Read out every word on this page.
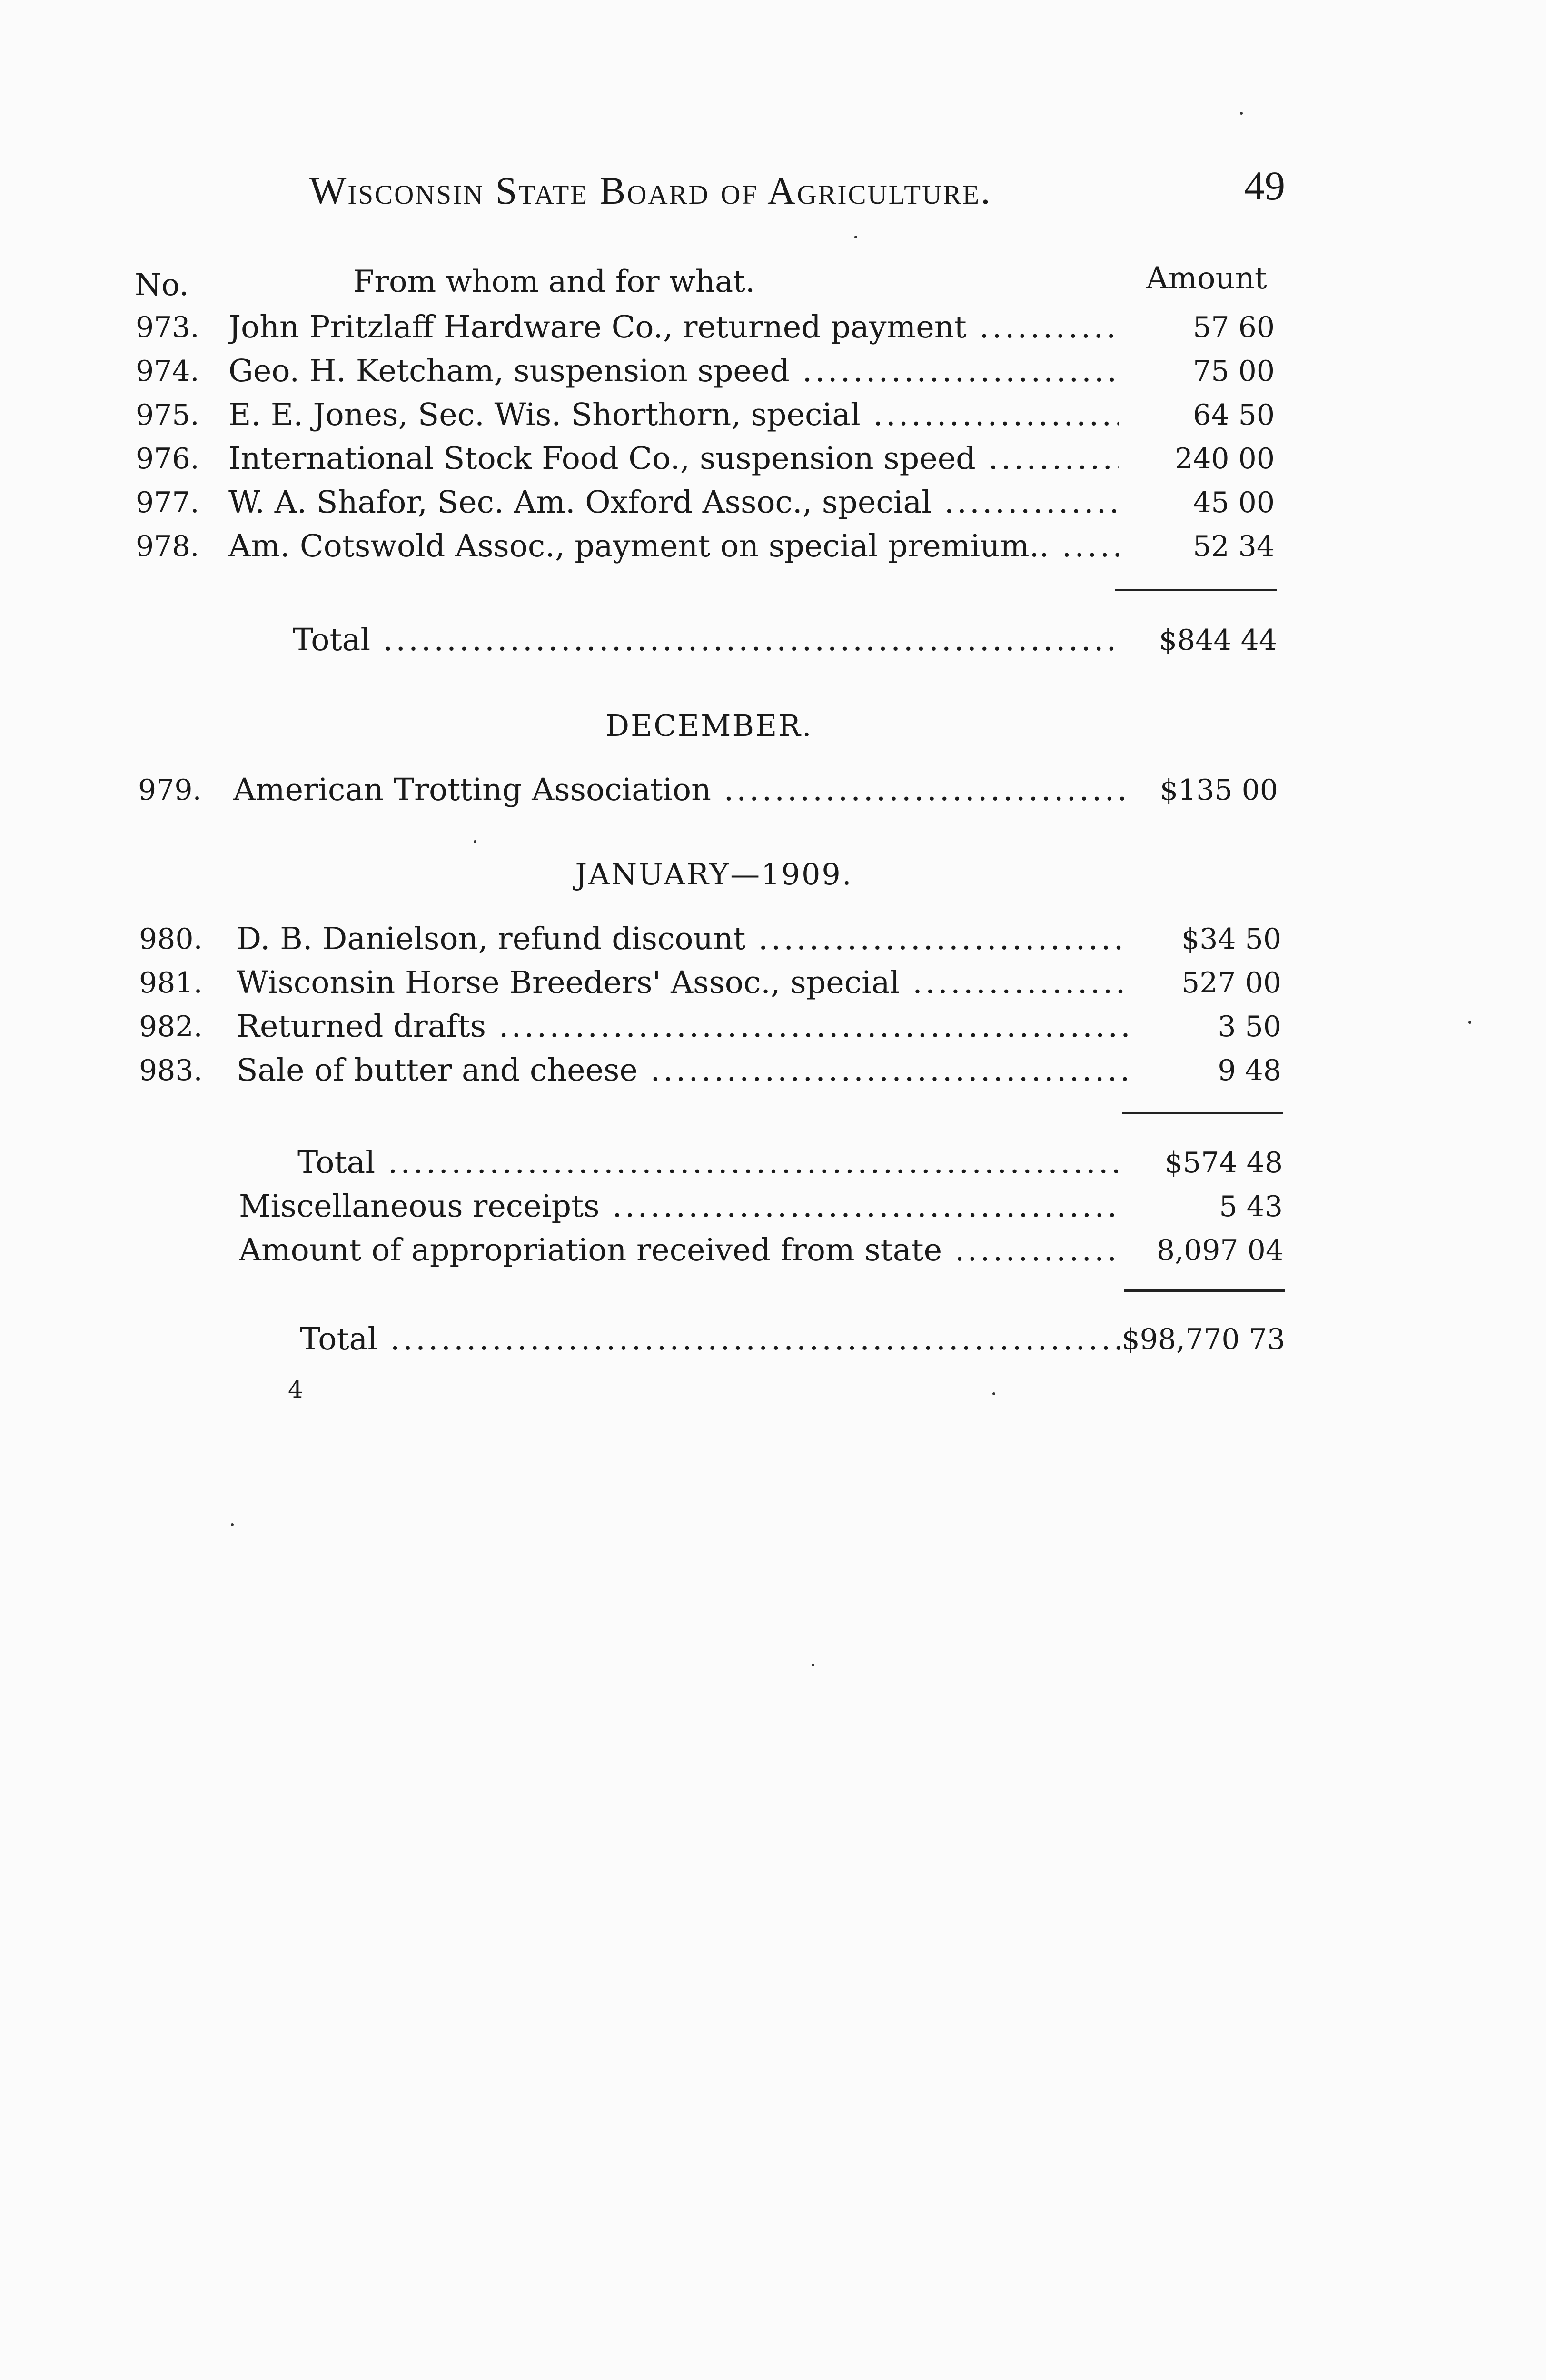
Wisconsin State Board of Agriculture.	49
No.	From whom and for what.	Amount
973. John Pritzlaff Hardware Co., returned payment .....	57 60
974. Geo. H. Ketcham, suspension speed .....	75 00
975. E. E. Jones, Sec. Wis. Shorthorn, special .....	64 50
976. International Stock Food Co., suspension speed .....	240 00
977. W. A. Shafor, Sec. Am. Oxford Assoc., special .....	45 00
978. Am. Cotswold Assoc., payment on special premium.. .....	52 34
Total .....	$844 44
DECEMBER.
979. American Trotting Association .....	$135 00
JANUARY—1909.
980. D. B. Danielson, refund discount .....	$34 50
981. Wisconsin Horse Breeders' Assoc., special .....	527 00
982. Returned drafts .....	3 50
983. Sale of butter and cheese .....	9 48
Total .....	$574 48
Miscellaneous receipts .....	5 43
Amount of appropriation received from state .....	8,097 04
Total .....	$98,770 73
4
